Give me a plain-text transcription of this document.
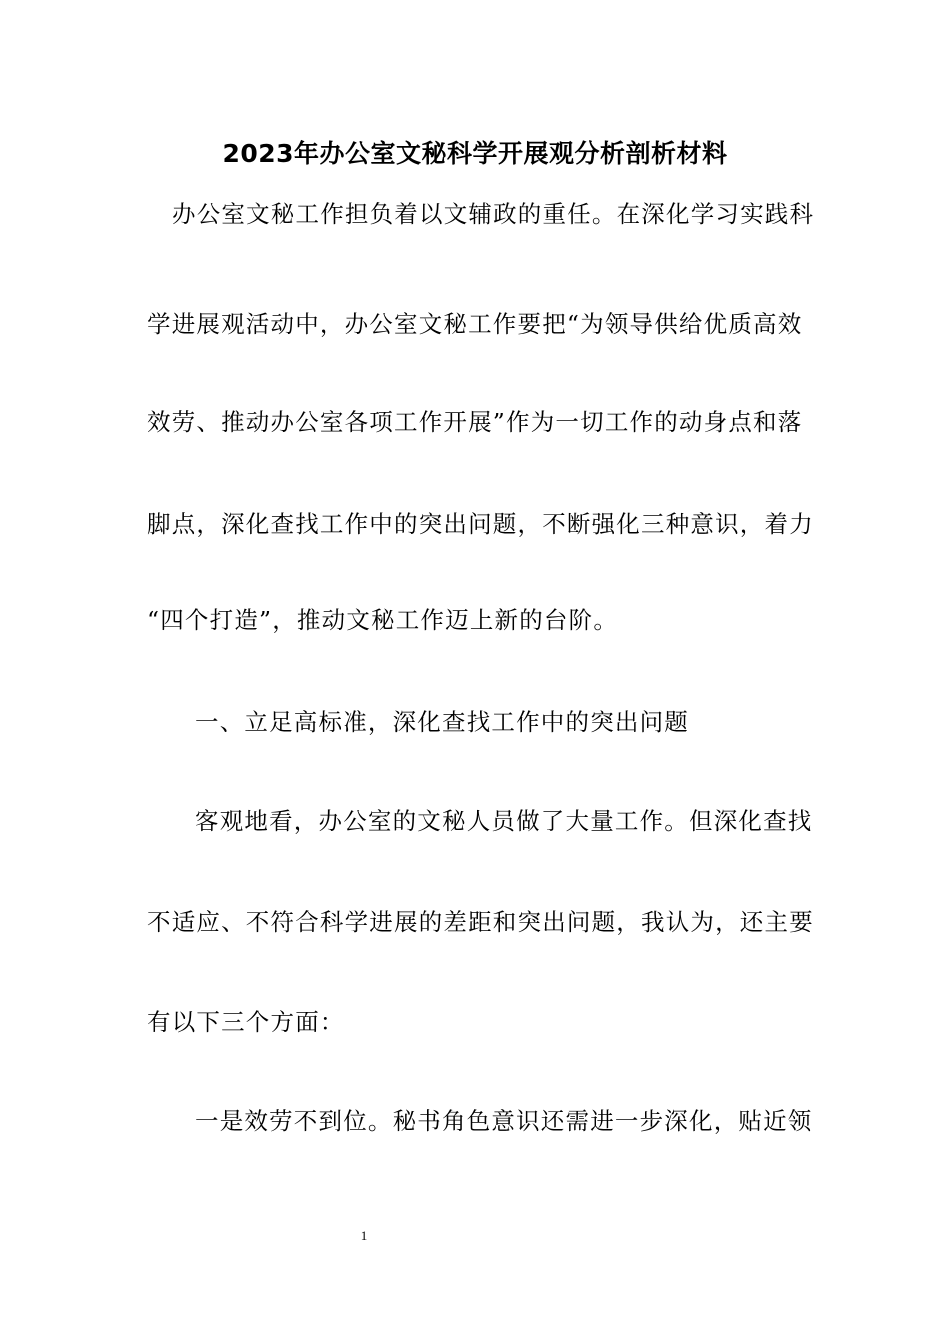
2023年办公室文秘科学开展观分析剖析材料
办公室文秘工作担负着以文辅政的重任。在深化学习实践科
学进展观活动中，办公室文秘工作要把“为领导供给优质高效
效劳、推动办公室各项工作开展”作为一切工作的动身点和落
脚点，深化查找工作中的突出问题，不断强化三种意识，着力
“四个打造”，推动文秘工作迈上新的台阶。
一、立足高标准，深化查找工作中的突出问题
客观地看，办公室的文秘人员做了大量工作。但深化查找
不适应、不符合科学进展的差距和突出问题，我认为，还主要
有以下三个方面：
一是效劳不到位。秘书角色意识还需进一步深化，贴近领
1
